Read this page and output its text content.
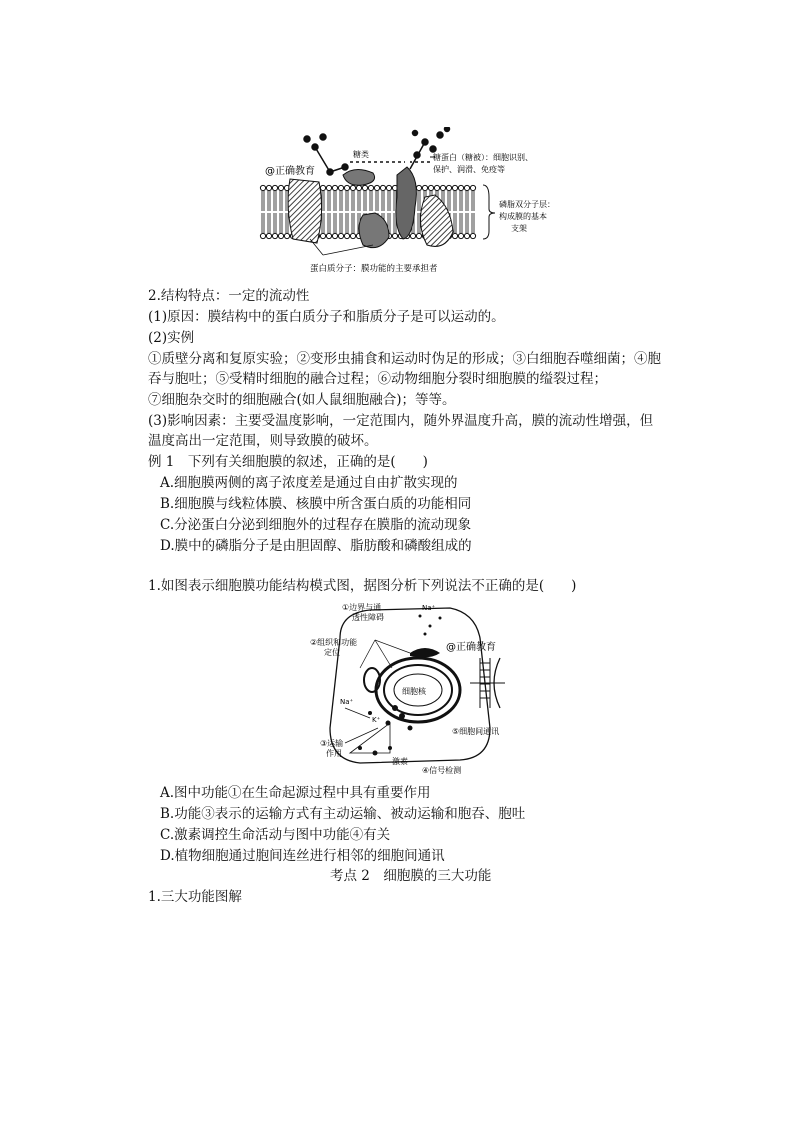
糖类
@正确教育
糖蛋白（糖被）：细胞识别、
保护、润滑、免疫等
磷脂双分子层：
构成膜的基本
支架
蛋白质分子：膜功能的主要承担者
2.结构特点：一定的流动性
(1)原因：膜结构中的蛋白质分子和脂质分子是可以运动的。
(2)实例
①质壁分离和复原实验；②变形虫捕食和运动时伪足的形成；③白细胞吞噬细菌；④胞
吞与胞吐；⑤受精时细胞的融合过程；⑥动物细胞分裂时细胞膜的缢裂过程；
⑦细胞杂交时的细胞融合(如人鼠细胞融合)；等等。
(3)影响因素：主要受温度影响，一定范围内，随外界温度升高，膜的流动性增强，但
温度高出一定范围，则导致膜的破坏。
例 1　下列有关细胞膜的叙述，正确的是(　　)
A.细胞膜两侧的离子浓度差是通过自由扩散实现的
B.细胞膜与线粒体膜、核膜中所含蛋白质的功能相同
C.分泌蛋白分泌到细胞外的过程存在膜脂的流动现象
D.膜中的磷脂分子是由胆固醇、脂肪酸和磷酸组成的
1.如图表示细胞膜功能结构模式图，据图分析下列说法不正确的是(　　)
细胞核
①边界与通
透性障碍
Na⁺
②组织和功能
定位	@正确教育
Na⁺
K⁺
③运输
作用
激素
④信号检测
⑤细胞间通讯
A.图中功能①在生命起源过程中具有重要作用
B.功能③表示的运输方式有主动运输、被动运输和胞吞、胞吐
C.激素调控生命活动与图中功能④有关
D.植物细胞通过胞间连丝进行相邻的细胞间通讯
考点 2　细胞膜的三大功能
1.三大功能图解
